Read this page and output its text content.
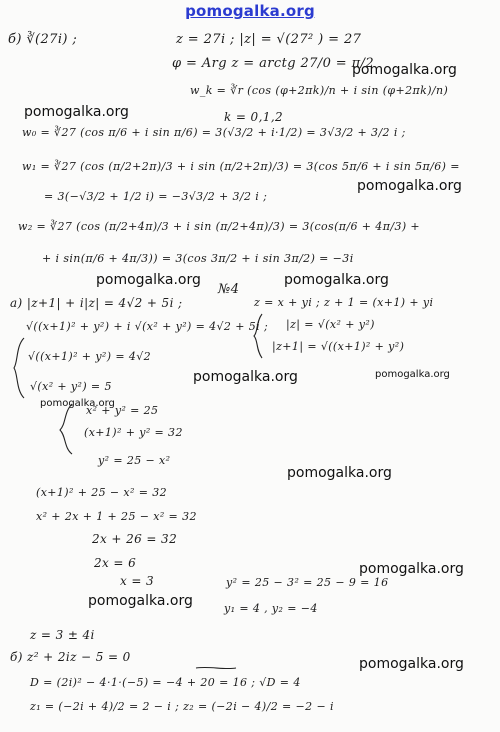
pomogalka.org
pomogalka.org
pomogalka.org
pomogalka.org
pomogalka.org	pomogalka.org
pomogalka.org	pomogalka.org
pomogalka.org
pomogalka.org
pomogalka.org
pomogalka.org
pomogalka.org
б) ∛(27i) ;	z = 27i ; |z| = √(27² ) = 27
φ = Arg z = arctg 27/0 = π/2
w_k = ∛r (cos (φ+2πk)/n + i sin (φ+2πk)/n)
k = 0,1,2
w₀ = ∛27 (cos π/6 + i sin π/6) = 3(√3/2 + i·1/2) = 3√3/2 + 3/2 i ;
w₁ = ∛27 (cos (π/2+2π)/3 + i sin (π/2+2π)/3) = 3(cos 5π/6 + i sin 5π/6) =
= 3(−√3/2 + 1/2 i) = −3√3/2 + 3/2 i ;
w₂ = ∛27 (cos (π/2+4π)/3 + i sin (π/2+4π)/3) = 3(cos(π/6 + 4π/3) +
+ i sin(π/6 + 4π/3)) = 3(cos 3π/2 + i sin 3π/2) = −3i
№4
а) |z+1| + i|z| = 4√2 + 5i ;	z = x + yi ; z + 1 = (x+1) + yi
√((x+1)² + y²) + i √(x² + y²) = 4√2 + 5i ; |z| = √(x² + y²)
|z+1| = √((x+1)² + y²)
√((x+1)² + y²) = 4√2
√(x² + y²) = 5
x² + y² = 25
(x+1)² + y² = 32
y² = 25 − x²
(x+1)² + 25 − x² = 32
x² + 2x + 1 + 25 − x² = 32
2x + 26 = 32
2x = 6
x = 3	y² = 25 − 3² = 25 − 9 = 16
y₁ = 4 , y₂ = −4
z = 3 ± 4i
б) z² + 2iz − 5 = 0
D = (2i)² − 4·1·(−5) = −4 + 20 = 16 ; √D = 4
z₁ = (−2i + 4)/2 = 2 − i ; z₂ = (−2i − 4)/2 = −2 − i
